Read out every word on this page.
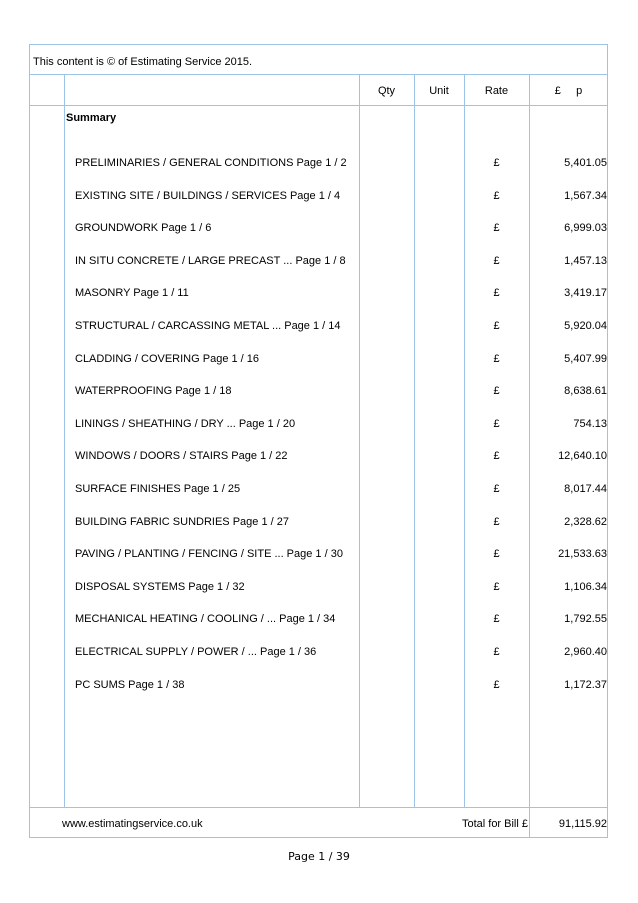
This content is © of Estimating Service 2015.
Qty	Unit	Rate	£     p
Summary
PRELIMINARIES / GENERAL CONDITIONS Page 1 / 2	£	5,401.05
EXISTING SITE / BUILDINGS / SERVICES Page 1 / 4	£	1,567.34
GROUNDWORK Page 1 / 6	£	6,999.03
IN SITU CONCRETE / LARGE PRECAST ... Page 1 / 8	£	1,457.13
MASONRY Page 1 / 11	£	3,419.17
STRUCTURAL / CARCASSING METAL ... Page 1 / 14	£	5,920.04
CLADDING / COVERING Page 1 / 16	£	5,407.99
WATERPROOFING Page 1 / 18	£	8,638.61
LININGS / SHEATHING / DRY ... Page 1 / 20	£	754.13
WINDOWS / DOORS / STAIRS Page 1 / 22	£	12,640.10
SURFACE FINISHES Page 1 / 25	£	8,017.44
BUILDING FABRIC SUNDRIES Page 1 / 27	£	2,328.62
PAVING / PLANTING / FENCING / SITE ... Page 1 / 30	£	21,533.63
DISPOSAL SYSTEMS Page 1 / 32	£	1,106.34
MECHANICAL HEATING / COOLING / ... Page 1 / 34	£	1,792.55
ELECTRICAL SUPPLY / POWER / ... Page 1 / 36	£	2,960.40
PC SUMS Page 1 / 38	£	1,172.37
www.estimatingservice.co.uk	Total for Bill £	91,115.92
Page 1 / 39
